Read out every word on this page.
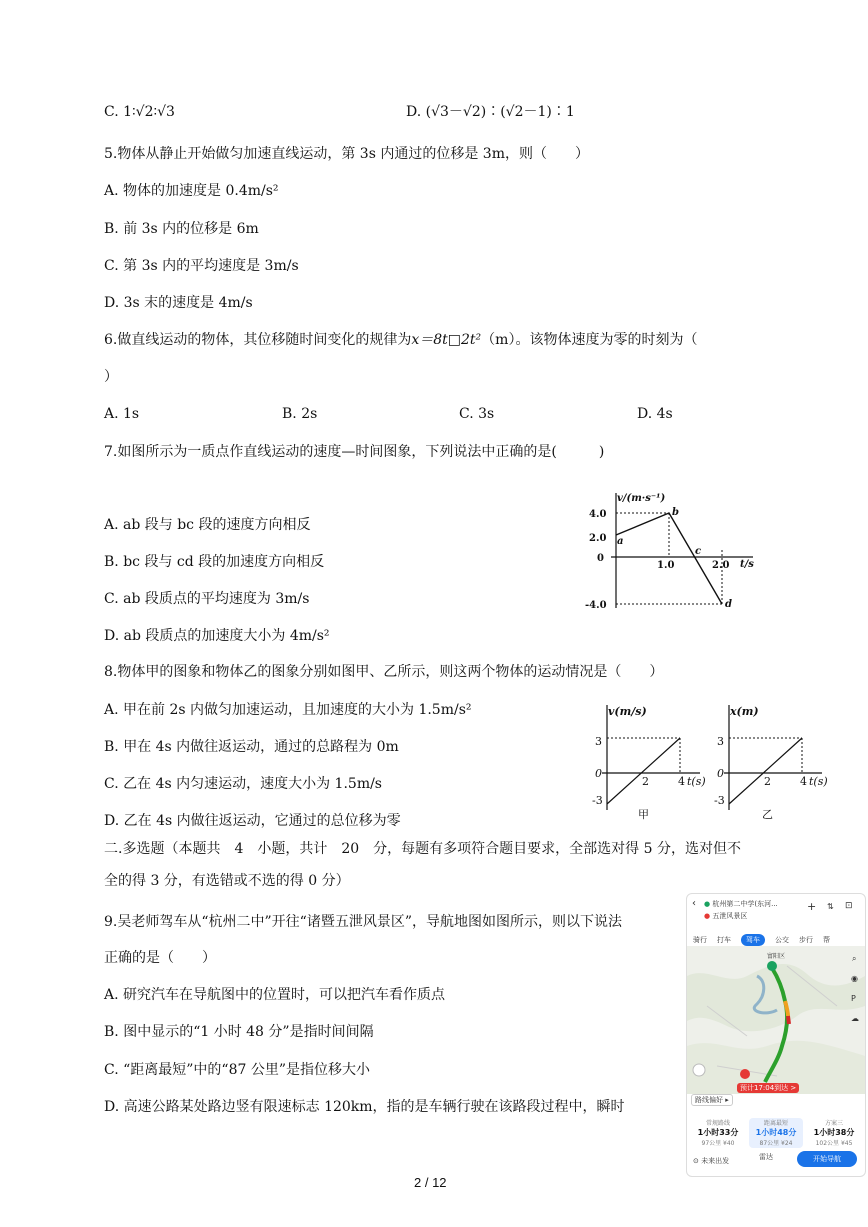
C. 1∶√2∶√3	D. (√3－√2)∶(√2－1)∶1
5.物体从静止开始做匀加速直线运动，第 3s 内通过的位移是 3m，则（　　）
A. 物体的加速度是 0.4m/s²
B. 前 3s 内的位移是 6m
C. 第 3s 内的平均速度是 3m/s
D. 3s 末的速度是 4m/s
6.做直线运动的物体，其位移随时间变化的规律为x＝8t□2t²（m）。该物体速度为零的时刻为（
）
A. 1s	B. 2s	C. 3s	D. 4s
7.如图所示为一质点作直线运动的速度—时间图象，下列说法中正确的是(　　　)
A. ab 段与 bc 段的速度方向相反
B. bc 段与 cd 段的加速度方向相反
C. ab 段质点的平均速度为 3m/s
D. ab 段质点的加速度大小为 4m/s²
v/(m·s⁻¹)
t/s
4.0
2.0
0
-4.0
1.0	2.0
a
b
c
d
8.物体甲的图象和物体乙的图象分别如图甲、乙所示，则这两个物体的运动情况是（　　）
A. 甲在前 2s 内做匀加速运动，且加速度的大小为 1.5m/s²
B. 甲在 4s 内做往返运动，通过的总路程为 0m
C. 乙在 4s 内匀速运动，速度大小为 1.5m/s
D. 乙在 4s 内做往返运动，它通过的总位移为零
v(m/s)
3
0
-3
2	4 t(s)
甲
x(m)
3
0
-3
2	4 t(s)
乙
二.多选题（本题共　4　小题，共计　20　分，每题有多项符合题目要求，全部选对得 5 分，选对但不
全的得 3 分，有选错或不选的得 0 分）
9.吴老师驾车从“杭州二中”开往“诸暨五泄风景区”，导航地图如图所示，则以下说法
正确的是（　　）
A. 研究汽车在导航图中的位置时，可以把汽车看作质点
B. 图中显示的“1 小时 48 分”是指时间间隔
C. “距离最短”中的“87 公里”是指位移大小
D. 高速公路某处路边竖有限速标志 120km，指的是车辆行驶在该路段过程中，瞬时
‹ ● 杭州第二中学(东河...
● 五泄风景区
+ ⇅ ⊡
骑行 打车 驾车 公交 步行 帮
富阳区	⌕
◉
P
☁
预计17:04到达 >
路线偏好 ▸
常规路线
1小时33分
97公里 ¥40
距离最短
1小时48分
87公里 ¥24
方案三
1小时38分
102公里 ¥45
⊙ 未来出发	雷达	开始导航
2 / 12
